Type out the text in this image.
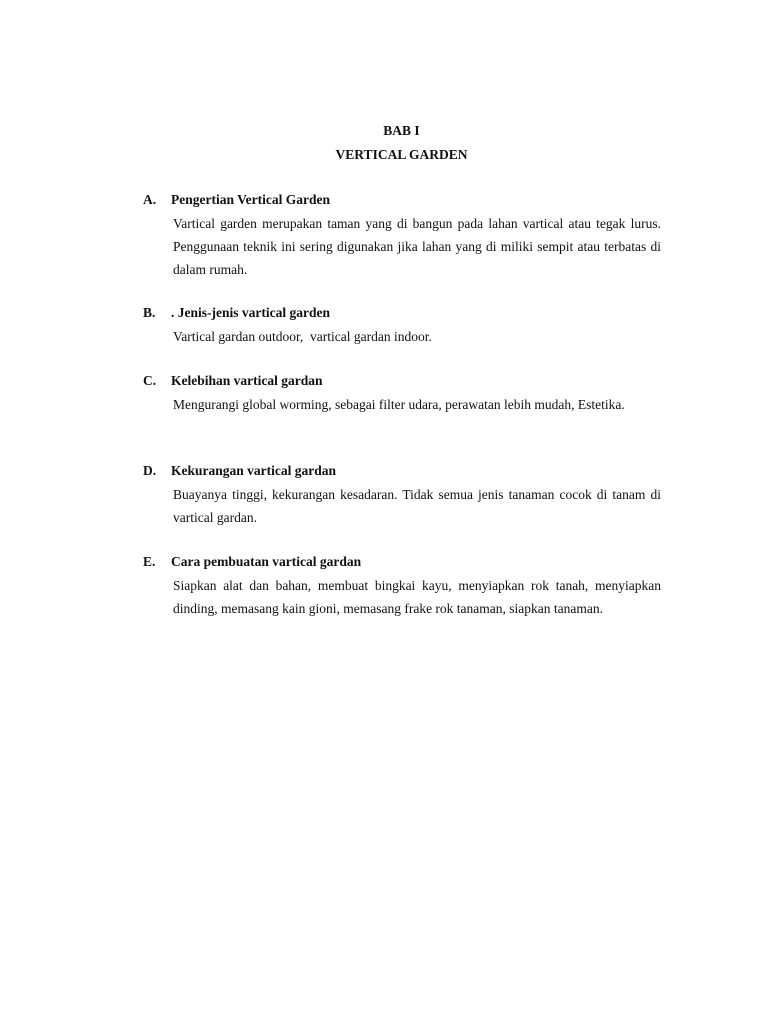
BAB I
VERTICAL GARDEN
A.	Pengertian Vertical Garden
Vartical garden merupakan taman yang di bangun pada lahan vartical atau tegak lurus. Penggunaan teknik ini sering digunakan jika lahan yang di miliki sempit atau terbatas di dalam rumah.
B.	. Jenis-jenis vartical garden
Vartical gardan outdoor,  vartical gardan indoor.
C.	Kelebihan vartical gardan
Mengurangi global worming, sebagai filter udara, perawatan lebih mudah, Estetika.
D.	Kekurangan vartical gardan
Buayanya tinggi, kekurangan kesadaran. Tidak semua jenis tanaman cocok di tanam di vartical gardan.
E.	Cara pembuatan vartical gardan
Siapkan alat dan bahan, membuat bingkai kayu, menyiapkan rok tanah, menyiapkan dinding, memasang kain gioni, memasang frake rok tanaman, siapkan tanaman.
